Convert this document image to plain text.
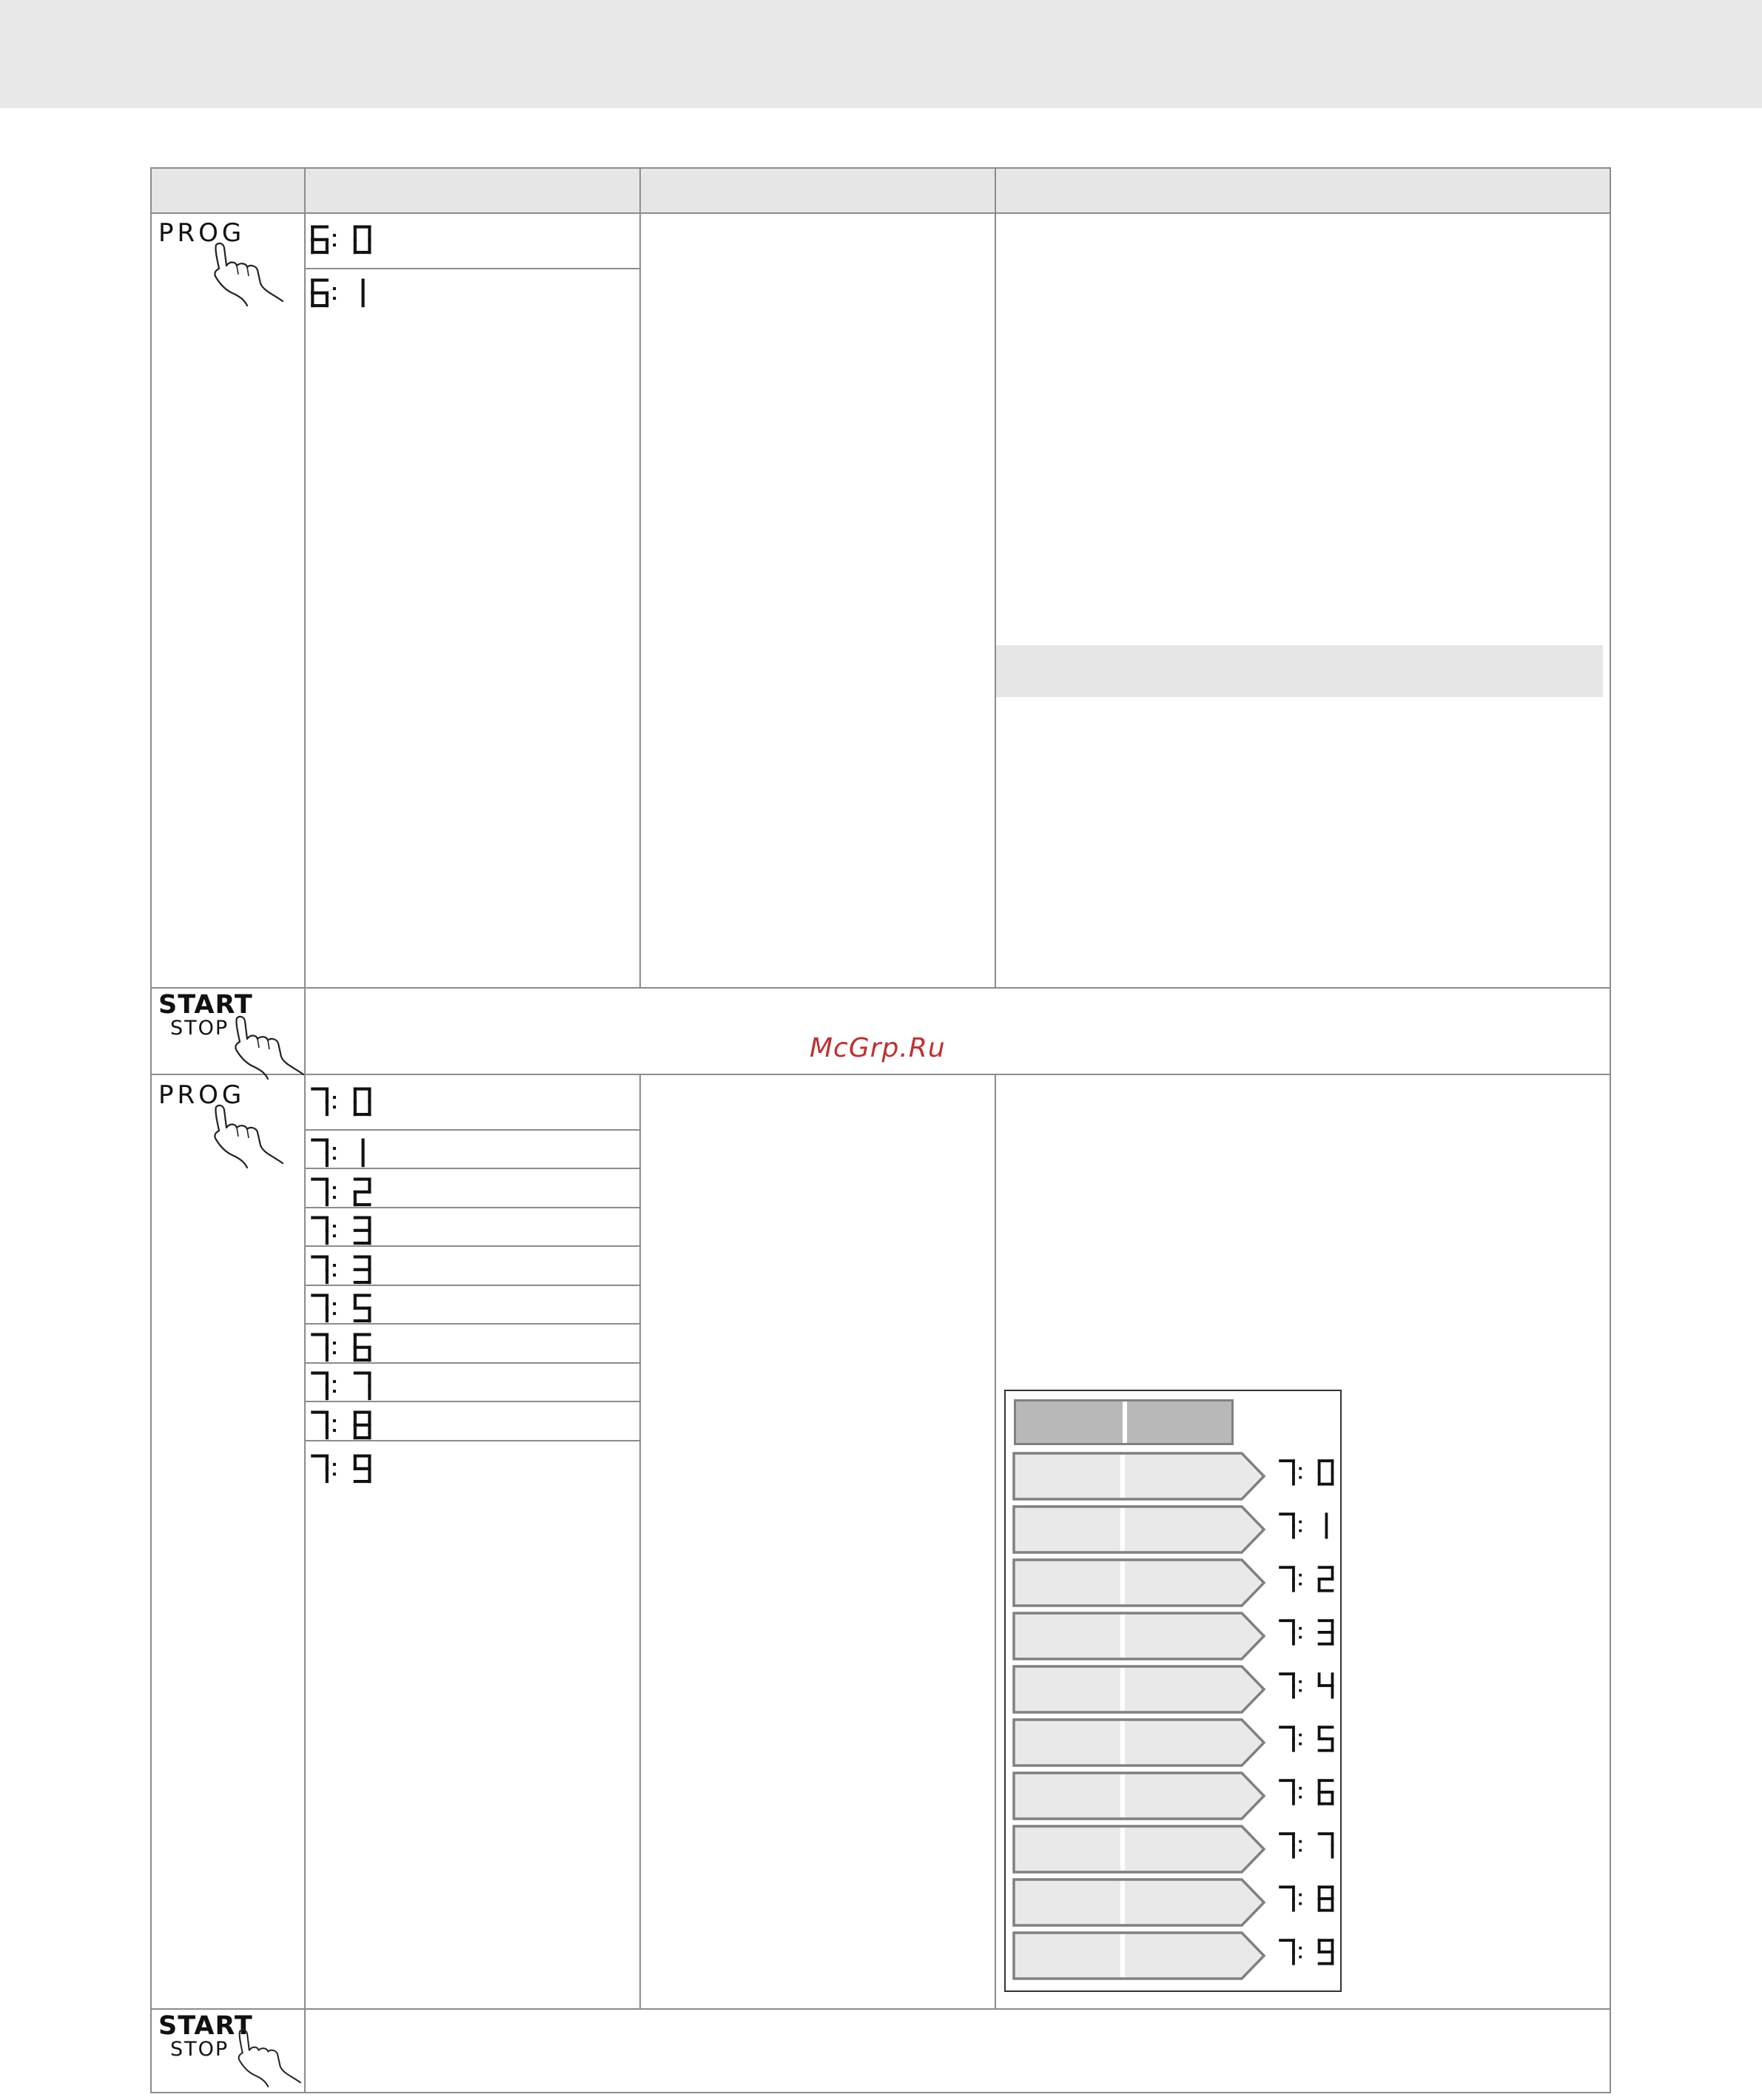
PROG
START
STOP
PROG
START
STOP
McGrp.Ru
